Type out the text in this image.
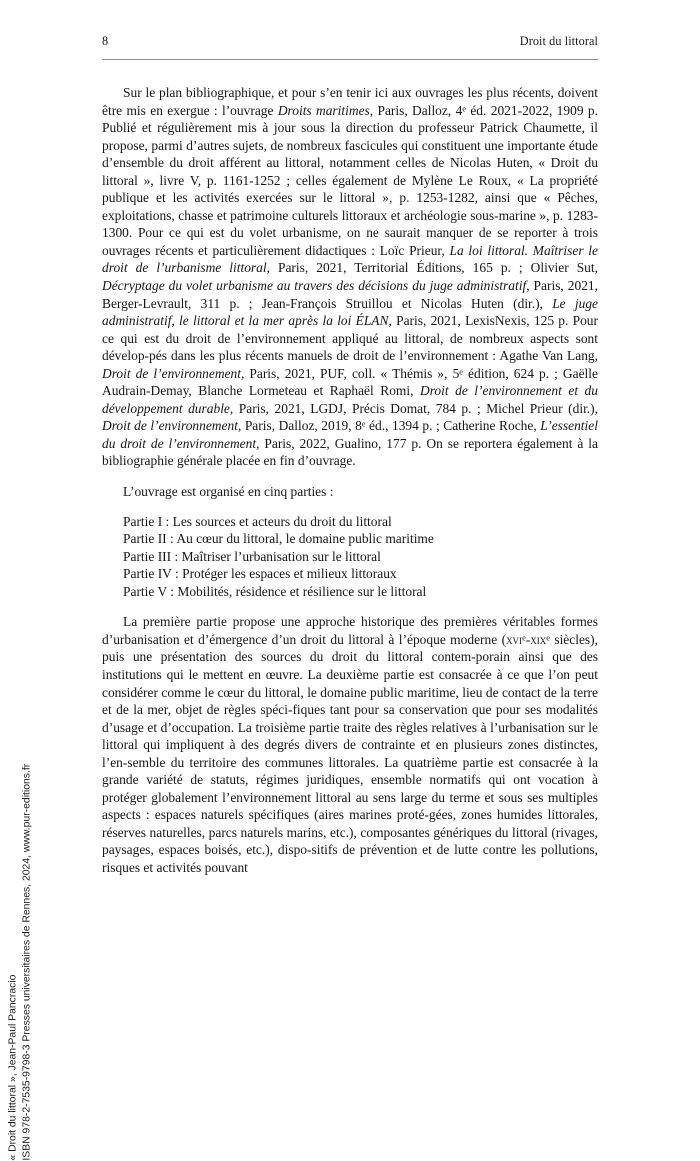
« Droit du littoral », Jean-Paul Pancracio ISBN 978-2-7535-9798-3 Presses universitaires de Rennes, 2024, www.pur-editions.fr
8	Droit du littoral

Sur le plan bibliographique, et pour s’en tenir ici aux ouvrages les plus récents, doivent être mis en exergue : l’ouvrage Droits maritimes, Paris, Dalloz, 4e éd. 2021-2022, 1909 p. Publié et régulièrement mis à jour sous la direction du professeur Patrick Chaumette, il propose, parmi d’autres sujets, de nombreux fascicules qui constituent une importante étude d’ensemble du droit afférent au littoral, notamment celles de Nicolas Huten, « Droit du littoral », livre V, p. 1161-1252 ; celles également de Mylène Le Roux, « La propriété publique et les activités exercées sur le littoral », p. 1253-1282, ainsi que « Pêches, exploitations, chasse et patrimoine culturels littoraux et archéologie sous-marine », p. 1283-1300. Pour ce qui est du volet urbanisme, on ne saurait manquer de se reporter à trois ouvrages récents et particulièrement didactiques : Loïc Prieur, La loi littoral. Maîtriser le droit de l’urbanisme littoral, Paris, 2021, Territorial Éditions, 165 p. ; Olivier Sut, Décryptage du volet urbanisme au travers des décisions du juge administratif, Paris, 2021, Berger-Levrault, 311 p. ; Jean-François Struillou et Nicolas Huten (dir.), Le juge administratif, le littoral et la mer après la loi ÉLAN, Paris, 2021, LexisNexis, 125 p. Pour ce qui est du droit de l’environnement appliqué au littoral, de nombreux aspects sont dévelop-pés dans les plus récents manuels de droit de l’environnement : Agathe Van Lang, Droit de l’environnement, Paris, 2021, PUF, coll. « Thémis », 5e édition, 624 p. ; Gaëlle Audrain-Demay, Blanche Lormeteau et Raphaël Romi, Droit de l’environnement et du développement durable, Paris, 2021, LGDJ, Précis Domat, 784 p. ; Michel Prieur (dir.), Droit de l’environnement, Paris, Dalloz, 2019, 8e éd., 1394 p. ; Catherine Roche, L’essentiel du droit de l’environnement, Paris, 2022, Gualino, 177 p. On se reportera également à la bibliographie générale placée en fin d’ouvrage.

L’ouvrage est organisé en cinq parties :

Partie I : Les sources et acteurs du droit du littoral
Partie II : Au cœur du littoral, le domaine public maritime
Partie III : Maîtriser l’urbanisation sur le littoral
Partie IV : Protéger les espaces et milieux littoraux
Partie V : Mobilités, résidence et résilience sur le littoral

La première partie propose une approche historique des premières véritables formes d’urbanisation et d’émergence d’un droit du littoral à l’époque moderne (xvi$^e$-xix$^e$ siècles), puis une présentation des sources du droit du littoral contem-porain ainsi que des institutions qui le mettent en œuvre. La deuxième partie est consacrée à ce que l’on peut considérer comme le cœur du littoral, le domaine public maritime, lieu de contact de la terre et de la mer, objet de règles spéci-fiques tant pour sa conservation que pour ses modalités d’usage et d’occupation. La troisième partie traite des règles relatives à l’urbanisation sur le littoral qui impliquent à des degrés divers de contrainte et en plusieurs zones distinctes, l’en-semble du territoire des communes littorales. La quatrième partie est consacrée à la grande variété de statuts, régimes juridiques, ensemble normatifs qui ont vocation à protéger globalement l’environnement littoral au sens large du terme et sous ses multiples aspects : espaces naturels spécifiques (aires marines proté-gées, zones humides littorales, réserves naturelles, parcs naturels marins, etc.), composantes génériques du littoral (rivages, paysages, espaces boisés, etc.), dispo-sitifs de prévention et de lutte contre les pollutions, risques et activités pouvant
